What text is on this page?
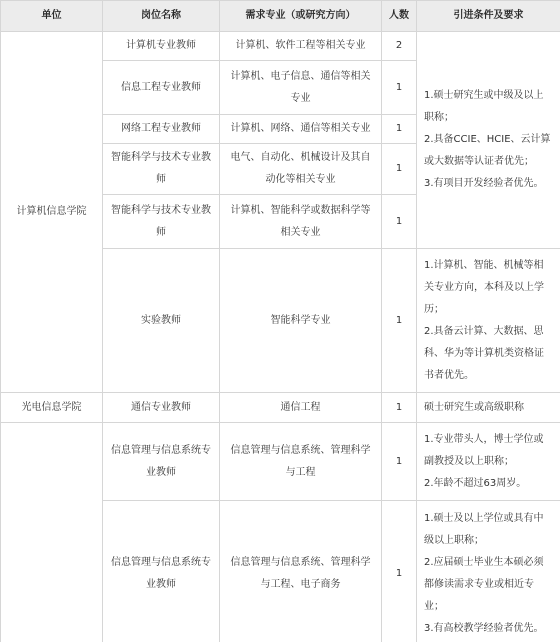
单位	岗位名称	需求专业（或研究方向）	人数	引进条件及要求
计算机信息学院	计算机专业教师	计算机、软件工程等相关专业	2	1.硕士研究生或中级及以上职称；
2.具备CCIE、HCIE、云计算或大数据等认证者优先；
3.有项目开发经验者优先。

	信息工程专业教师	计算机、电子信息、通信等相关专业	1	
	网络工程专业教师	计算机、网络、通信等相关专业	1	
	智能科学与技术专业教师	电气、自动化、机械设计及其自动化等相关专业	1	
	智能科学与技术专业教师	计算机、智能科学或数据科学等相关专业	1	
	实验教师	智能科学专业	1	1.计算机、智能、机械等相关专业方向，本科及以上学历；
2.具备云计算、大数据、思科、华为等计算机类资格证书者优先。

光电信息学院	通信专业教师	通信工程	1	硕士研究生或高级职称
	信息管理与信息系统专业教师	信息管理与信息系统、管理科学与工程	1	1.专业带头人，博士学位或副教授及以上职称；
2.年龄不超过63周岁。

	信息管理与信息系统专业教师	信息管理与信息系统、管理科学与工程、电子商务	1	1.硕士及以上学位或具有中级以上职称；
2.应届硕士毕业生本硕必须都修读需求专业或相近专业；
3.有高校教学经验者优先。
